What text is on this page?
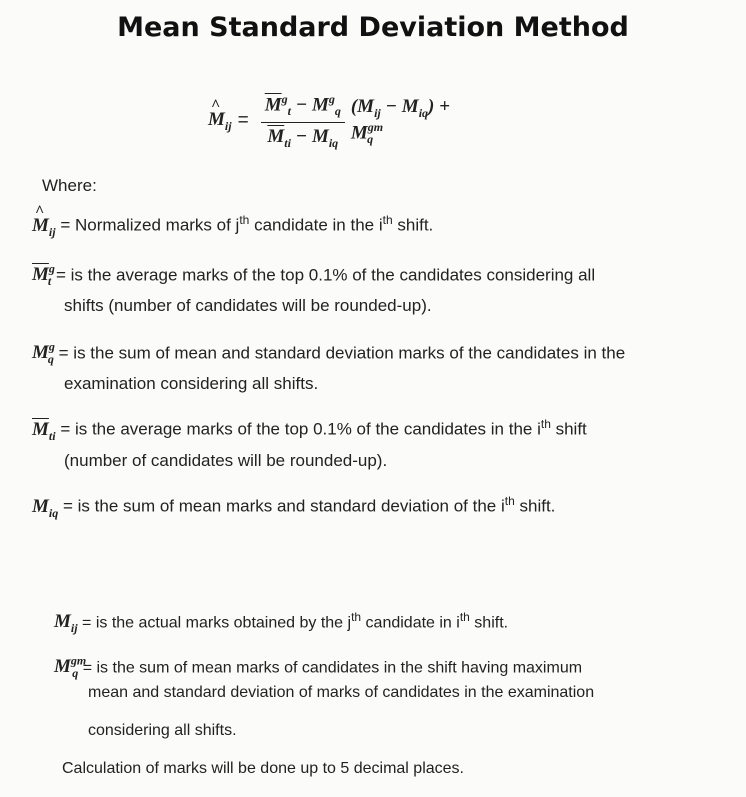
Mean Standard Deviation Method
^ $M_{ij} = \frac{\overline{M}^g_t - M^g_q}{\overline{M}_{ti} - M_{iq}} (M_{ij} - M_{iq}) + M^{gm}_q$
Where:
^ $M_{ij}$ = Normalized marks of $j^{th}$ candidate in the $i^{th}$ shift.
$\overline{M}^g_t$ = is the average marks of the top 0.1% of the candidates considering all
shifts (number of candidates will be rounded-up).
$M^g_q$ = is the sum of mean and standard deviation marks of the candidates in the
examination considering all shifts.
$\overline{M}_{ti}$ = is the average marks of the top 0.1% of the candidates in the $i^{th}$ shift
(number of candidates will be rounded-up).
$M_{iq}$ = is the sum of mean marks and standard deviation of the $i^{th}$ shift.
$M_{ij}$ = is the actual marks obtained by the $j^{th}$ candidate in $i^{th}$ shift.
$M^{gm}_q$ = is the sum of mean marks of candidates in the shift having maximum
mean and standard deviation of marks of candidates in the examination
considering all shifts.
Calculation of marks will be done up to 5 decimal places.
